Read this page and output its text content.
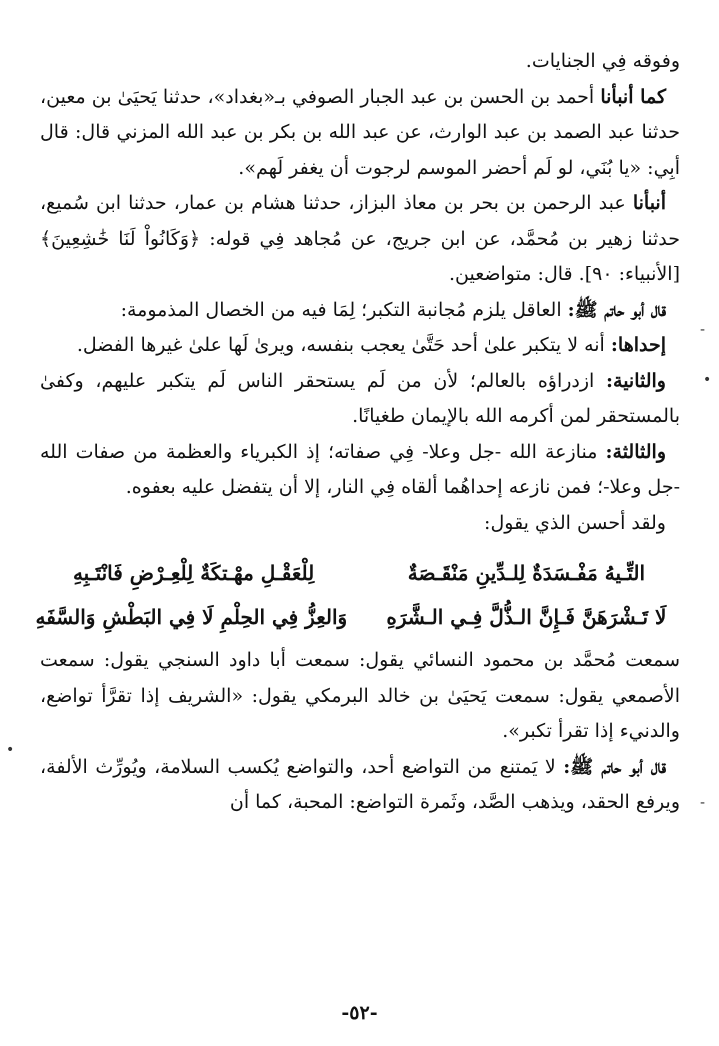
وفوقه فِي الجنايات.

كما أنبأنا أحمد بن الحسن بن عبد الجبار الصوفي بـ«بغداد»، حدثنا يَحيَىٰ بن معين، حدثنا عبد الصمد بن عبد الوارث، عن عبد الله بن بكر بن عبد الله المزني قال: قال أبِي: «يا بُنَي، لو لَم أحضر الموسم لرجوت أن يغفر لَهم».

أنبأنا عبد الرحمن بن بحر بن معاذ البزاز، حدثنا هشام بن عمار، حدثنا ابن سُميع، حدثنا زهير بن مُحمَّد، عن ابن جريج، عن مُجاهد فِي قوله: ﴿وَكَانُواْ لَنَا خَٰشِعِينَ﴾ [الأنبياء: ٩٠]. قال: متواضعين.

قال أبو حاتم ﷺ: العاقل يلزم مُجانبة التكبر؛ لِمَا فيه من الخصال المذمومة:

إحداها: أنه لا يتكبر علىٰ أحد حَتَّىٰ يعجب بنفسه، ويرىٰ لَها علىٰ غيرها الفضل.

والثانية: ازدراؤه بالعالم؛ لأن من لَم يستحقر الناس لَم يتكبر عليهم، وكفىٰ بالمستحقر لمن أكرمه الله بالإيمان طغيانًا.

والثالثة: منازعة الله -جل وعلا- فِي صفاته؛ إذ الكبرياء والعظمة من صفات الله -جل وعلا-؛ فمن نازعه إحداهُما ألقاه فِي النار، إلا أن يتفضل عليه بعفوه.

ولقد أحسن الذي يقول:

التِّـيهُ مَفْـسَدَةٌ لِلـدِّينِ مَنْقَـصَةٌ
لِلْعَقْـلِ مهْـتكَةٌ لِلْعِـرْضِ فَانْتَـبِهِ
لَا تَـشْرَهَنَّ فَـإِنَّ الـذُّلَّ فِـي الـشَّرَهِ
وَالعِزُّ فِي الحِلْمِ لَا فِي البَطْشِ وَالسَّفَهِ

سمعت مُحمَّد بن محمود النسائي يقول: سمعت أبا داود السنجي يقول: سمعت الأصمعي يقول: سمعت يَحيَىٰ بن خالد البرمكي يقول: «الشريف إذا تقرَّأ تواضع، والدنيء إذا تقرأ تكبر».

قال أبو حاتم ﷺ: لا يَمتنع من التواضع أحد، والتواضع يُكسب السلامة، ويُورِّث الألفة، ويرفع الحقد، ويذهب الصَّد، وثَمرة التواضع: المحبة، كما أن

-٥٢-
‐
•
•
‐
